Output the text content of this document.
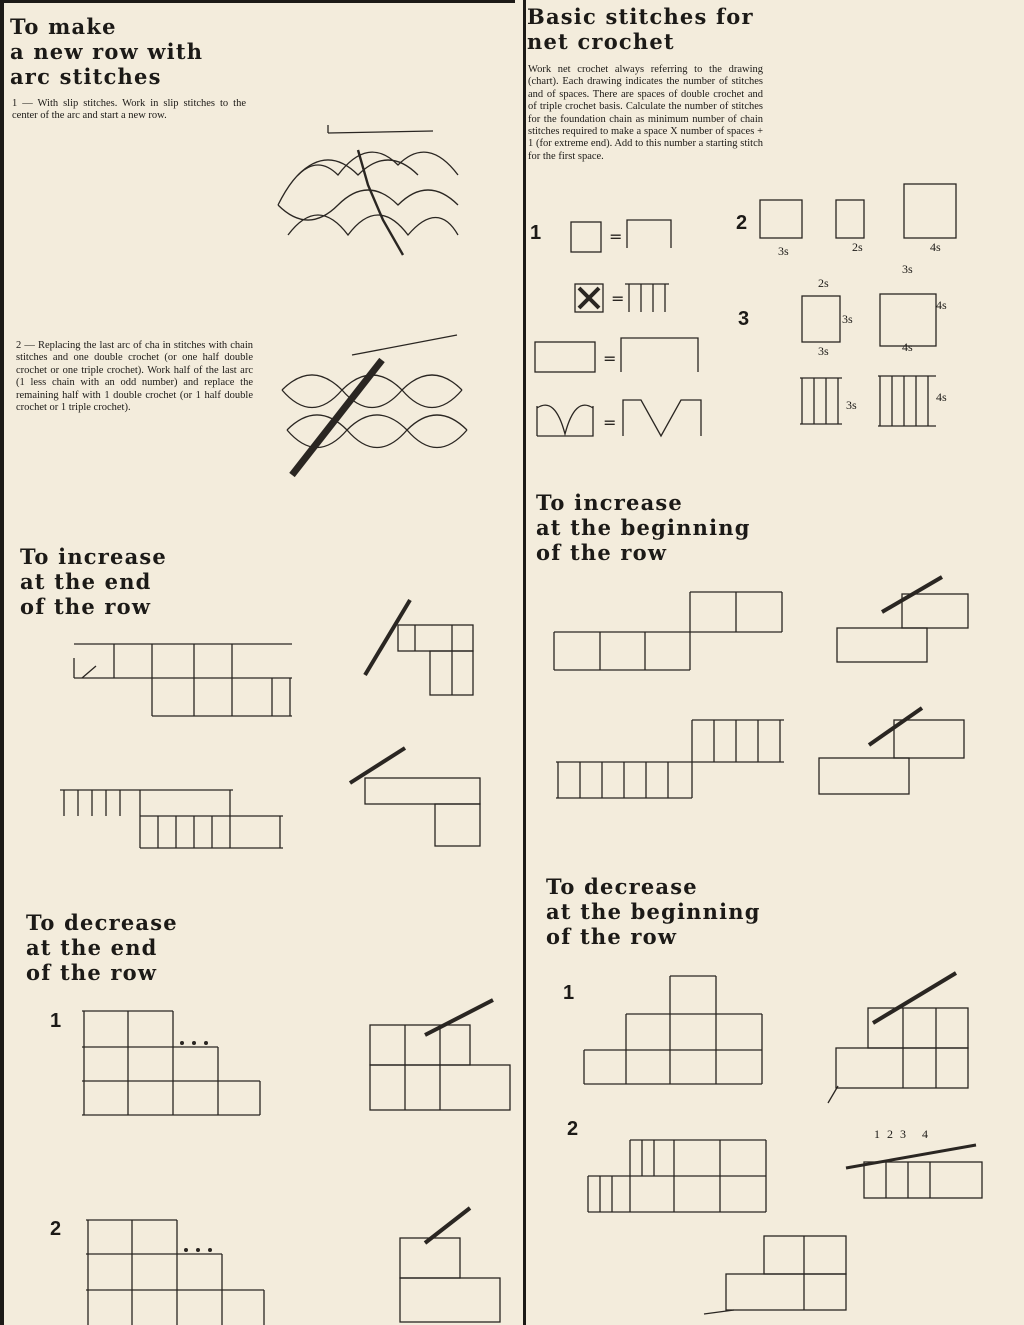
To make
a new row with
arc stitches
1 — With slip stitches. Work in slip stitches to the center of the arc and start a new row.
2 — Replacing the last arc of cha in stitches with chain stitches and one double crochet (or one half double crochet or one triple crochet). Work half of the last arc (1 less chain with an odd number) and replace the remaining half with 1 double crochet (or 1 half double crochet or 1 triple crochet).
To increase
at the end
of the row
To decrease
at the end
of the row
1
2
Basic stitches for
net crochet
Work net crochet always referring to the drawing (chart). Each drawing indicates the number of stitches and of spaces. There are spaces of double crochet and of triple crochet basis. Calculate the number of stitches for the foundation chain as minimum number of chain stitches required to make a space X number of spaces + 1 (for extreme end). Add to this number a starting stitch for the first space.
1	=
=
=
=
2
3s	2s	4s
3
2s
3s
3s
4s
3s
4s
3s
4s
To increase
at the beginning
of the row
To decrease
at the beginning
of the row
1
2	1 2 3 4
